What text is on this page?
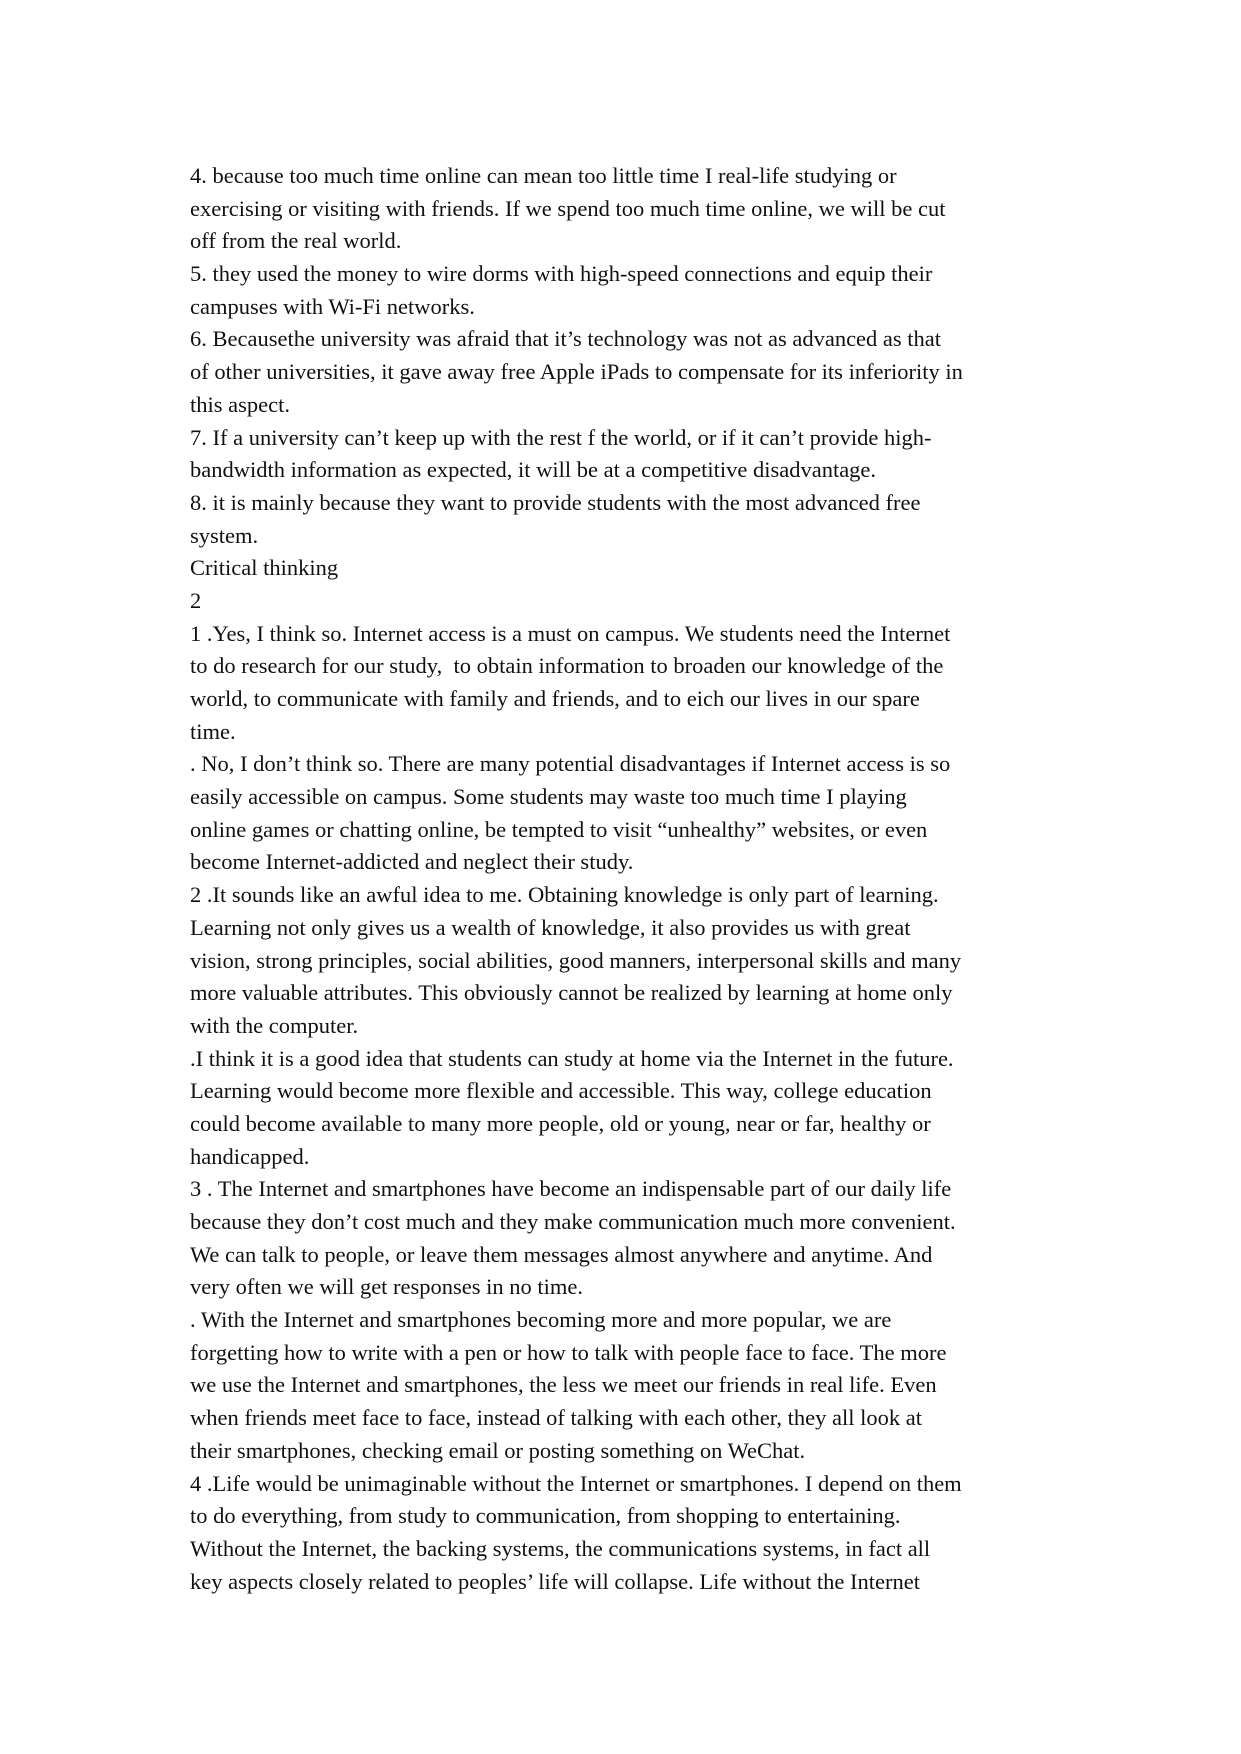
4. because too much time online can mean too little time I real-life studying or
exercising or visiting with friends. If we spend too much time online, we will be cut
off from the real world.
5. they used the money to wire dorms with high-speed connections and equip their
campuses with Wi-Fi networks.
6. Becausethe university was afraid that it’s technology was not as advanced as that
of other universities, it gave away free Apple iPads to compensate for its inferiority in
this aspect.
7. If a university can’t keep up with the rest f the world, or if it can’t provide high-
bandwidth information as expected, it will be at a competitive disadvantage.
8. it is mainly because they want to provide students with the most advanced free
system.
Critical thinking
2
1 .Yes, I think so. Internet access is a must on campus. We students need the Internet
to do research for our study,  to obtain information to broaden our knowledge of the
world, to communicate with family and friends, and to eich our lives in our spare
time.
. No, I don’t think so. There are many potential disadvantages if Internet access is so
easily accessible on campus. Some students may waste too much time I playing
online games or chatting online, be tempted to visit “unhealthy” websites, or even
become Internet-addicted and neglect their study.
2 .It sounds like an awful idea to me. Obtaining knowledge is only part of learning.
Learning not only gives us a wealth of knowledge, it also provides us with great
vision, strong principles, social abilities, good manners, interpersonal skills and many
more valuable attributes. This obviously cannot be realized by learning at home only
with the computer.
.I think it is a good idea that students can study at home via the Internet in the future.
Learning would become more flexible and accessible. This way, college education
could become available to many more people, old or young, near or far, healthy or
handicapped.
3 . The Internet and smartphones have become an indispensable part of our daily life
because they don’t cost much and they make communication much more convenient.
We can talk to people, or leave them messages almost anywhere and anytime. And
very often we will get responses in no time.
. With the Internet and smartphones becoming more and more popular, we are
forgetting how to write with a pen or how to talk with people face to face. The more
we use the Internet and smartphones, the less we meet our friends in real life. Even
when friends meet face to face, instead of talking with each other, they all look at
their smartphones, checking email or posting something on WeChat.
4 .Life would be unimaginable without the Internet or smartphones. I depend on them
to do everything, from study to communication, from shopping to entertaining.
Without the Internet, the backing systems, the communications systems, in fact all
key aspects closely related to peoples’ life will collapse. Life without the Internet
